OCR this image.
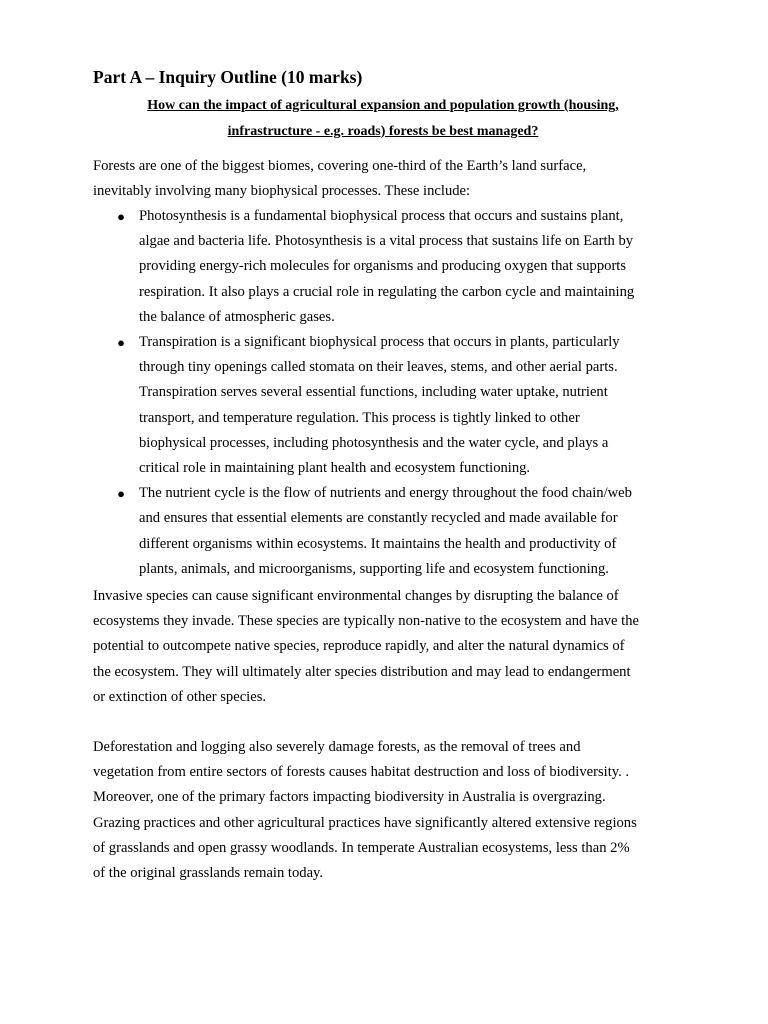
Part A – Inquiry Outline (10 marks)

How can the impact of agricultural expansion and population growth (housing,
infrastructure - e.g. roads) forests be best managed?

Forests are one of the biggest biomes, covering one-third of the Earth’s land surface,
inevitably involving many biophysical processes. These include:

● Photosynthesis is a fundamental biophysical process that occurs and sustains plant,
algae and bacteria life. Photosynthesis is a vital process that sustains life on Earth by
providing energy-rich molecules for organisms and producing oxygen that supports
respiration. It also plays a crucial role in regulating the carbon cycle and maintaining
the balance of atmospheric gases.
● Transpiration is a significant biophysical process that occurs in plants, particularly
through tiny openings called stomata on their leaves, stems, and other aerial parts.
Transpiration serves several essential functions, including water uptake, nutrient
transport, and temperature regulation. This process is tightly linked to other
biophysical processes, including photosynthesis and the water cycle, and plays a
critical role in maintaining plant health and ecosystem functioning.
● The nutrient cycle is the flow of nutrients and energy throughout the food chain/web
and ensures that essential elements are constantly recycled and made available for
different organisms within ecosystems. It maintains the health and productivity of
plants, animals, and microorganisms, supporting life and ecosystem functioning.

Invasive species can cause significant environmental changes by disrupting the balance of
ecosystems they invade. These species are typically non-native to the ecosystem and have the
potential to outcompete native species, reproduce rapidly, and alter the natural dynamics of
the ecosystem. They will ultimately alter species distribution and may lead to endangerment
or extinction of other species.

Deforestation and logging also severely damage forests, as the removal of trees and
vegetation from entire sectors of forests causes habitat destruction and loss of biodiversity. .
Moreover, one of the primary factors impacting biodiversity in Australia is overgrazing.
Grazing practices and other agricultural practices have significantly altered extensive regions
of grasslands and open grassy woodlands. In temperate Australian ecosystems, less than 2%
of the original grasslands remain today.
